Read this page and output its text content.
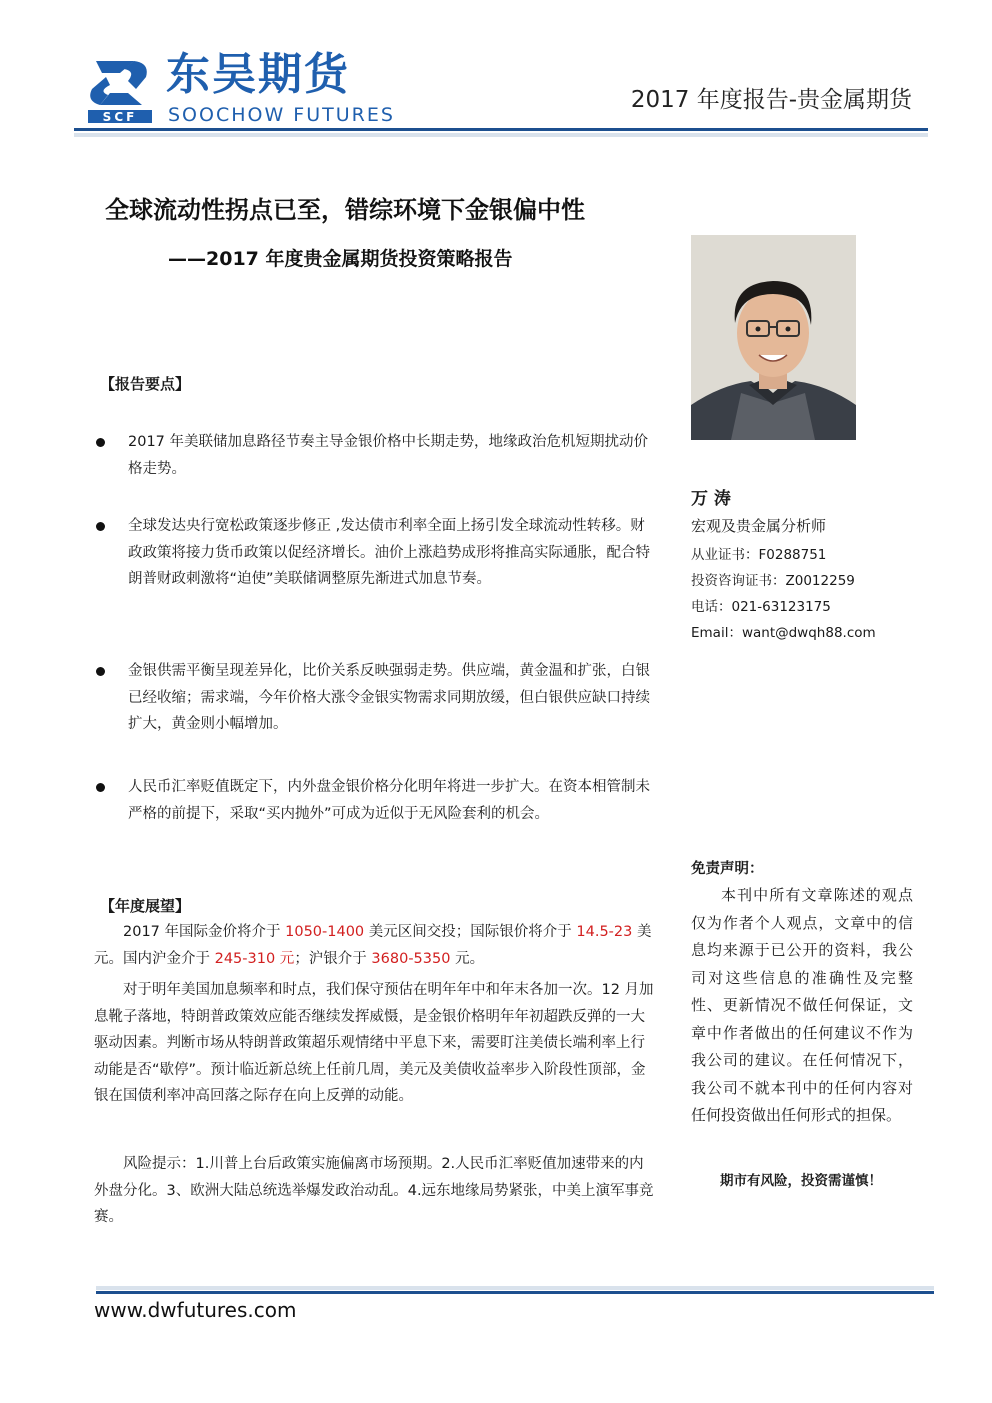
SCF
东吴期货
SOOCHOW FUTURES
2017 年度报告-贵金属期货
全球流动性拐点已至，错综环境下金银偏中性
——2017 年度贵金属期货投资策略报告
万 涛
宏观及贵金属分析师
从业证书：F0288751
投资咨询证书：Z0012259
电话：021-63123175
Email：want@dwqh88.com
【报告要点】
2017 年美联储加息路径节奏主导金银价格中长期走势，地缘政治危机短期扰动价格走势。
全球发达央行宽松政策逐步修正 ,发达债市利率全面上扬引发全球流动性转移。财政政策将接力货币政策以促经济增长。油价上涨趋势成形将推高实际通胀，配合特朗普财政刺激将“迫使”美联储调整原先渐进式加息节奏。
金银供需平衡呈现差异化，比价关系反映强弱走势。供应端，黄金温和扩张，白银已经收缩；需求端，今年价格大涨令金银实物需求同期放缓，但白银供应缺口持续扩大，黄金则小幅增加。
人民币汇率贬值既定下，内外盘金银价格分化明年将进一步扩大。在资本相管制未严格的前提下，采取“买内抛外”可成为近似于无风险套利的机会。
【年度展望】
2017 年国际金价将介于 1050-1400 美元区间交投；国际银价将介于 14.5-23 美元。国内沪金介于 245-310 元；沪银介于 3680-5350 元。
对于明年美国加息频率和时点，我们保守预估在明年年中和年末各加一次。12 月加息靴子落地，特朗普政策效应能否继续发挥威慑，是金银价格明年年初超跌反弹的一大驱动因素。判断市场从特朗普政策超乐观情绪中平息下来，需要盯注美债长端利率上行动能是否“歇停”。预计临近新总统上任前几周，美元及美债收益率步入阶段性顶部，金银在国债利率冲高回落之际存在向上反弹的动能。
风险提示：1.川普上台后政策实施偏离市场预期。2.人民币汇率贬值加速带来的内外盘分化。3、欧洲大陆总统选举爆发政治动乱。4.远东地缘局势紧张，中美上演军事竞赛。
免责声明：
本刊中所有文章陈述的观点仅为作者个人观点，文章中的信息均来源于已公开的资料，我公司对这些信息的准确性及完整性、更新情况不做任何保证，文章中作者做出的任何建议不作为我公司的建议。在任何情况下，我公司不就本刊中的任何内容对任何投资做出任何形式的担保。
期市有风险，投资需谨慎！
www.dwfutures.com
